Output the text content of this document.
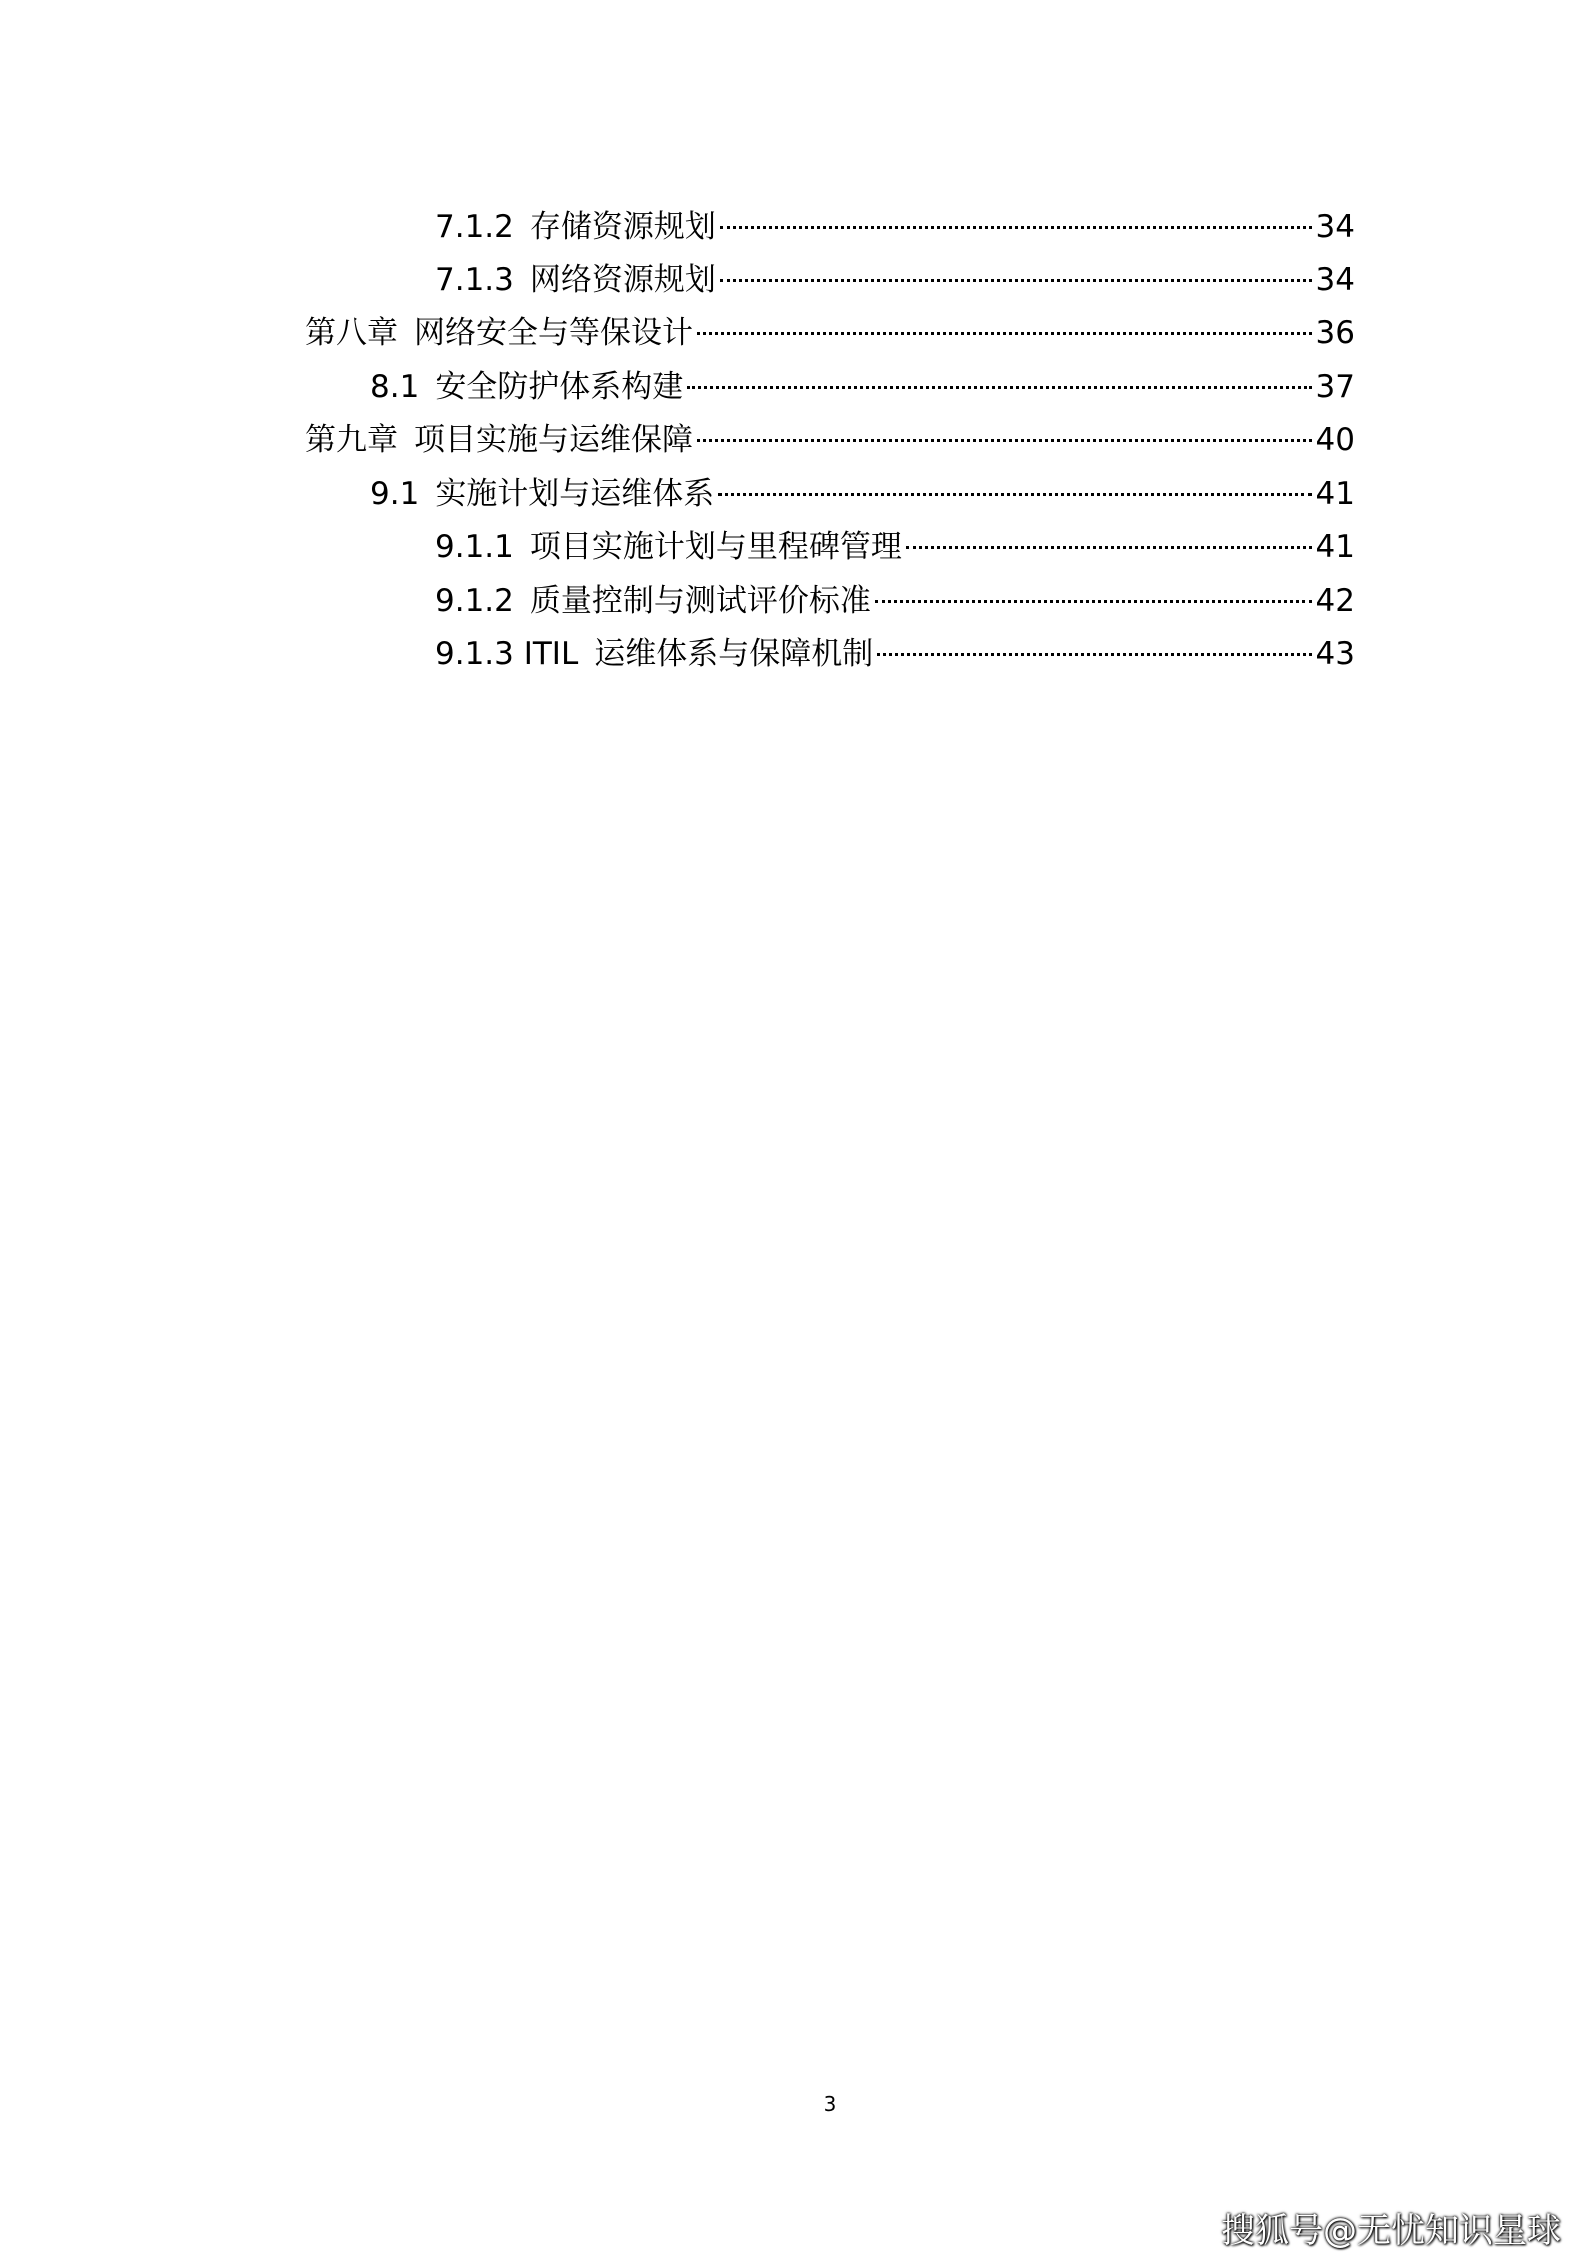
7.1.2 存储资源规划	34
7.1.3 网络资源规划	34
第八章 网络安全与等保设计	36
8.1 安全防护体系构建	37
第九章 项目实施与运维保障	40
9.1 实施计划与运维体系	41
9.1.1 项目实施计划与里程碑管理	41
9.1.2 质量控制与测试评价标准	42
9.1.3 ITIL 运维体系与保障机制	43
3
搜狐号@无忧知识星球
